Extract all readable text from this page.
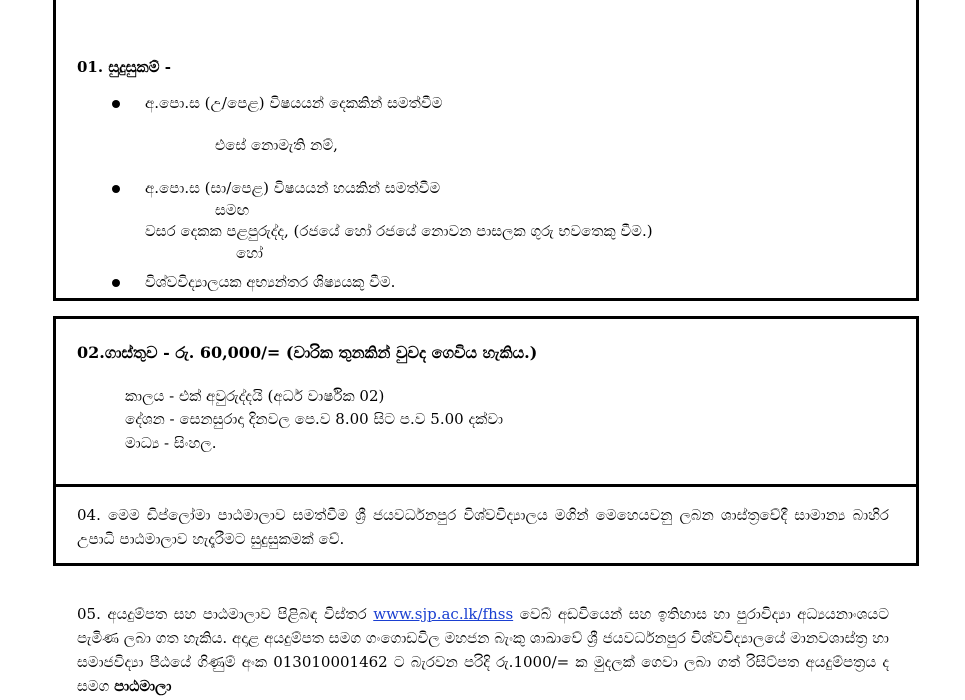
01. සුදුසුකම් -
අ.පො.ස (උ/පෙළ) විෂයයන් දෙකකින් සමත්වීම
එසේ නොමැති නම්,
අ.පො.ස (සා/පෙළ) විෂයයන් හයකින් සමත්වීම
සමඟ
වසර දෙකක පළපුරුද්ද, (රජයේ හෝ රජයේ නොවන පාසලක ගුරු භවතෙකු වීම.)
හෝ
විශ්වවිද්‍යාලයක අභ්‍යන්තර ශිෂ්‍යයකු වීම.
02.ගාස්තුව - රු. 60,000/= (වාරික තුනකින් වුවද ගෙවිය හැකිය.)
කාලය - එක් අවුරුද්දයි (අර්ධ වාර්ෂික 02)
දේශන - සෙනසුරාදා දිනවල පෙ.ව 8.00 සිට ප.ව 5.00 දක්වා
මාධ්‍ය - සිංහල.
04. මෙම ඩිප්ලෝමා පාඨමාලාව සමත්වීම ශ්‍රී ජයවර්ධනපුර විශ්වවිද්‍යාලය මගින් මෙහෙයවනු ලබන ශාස්ත්‍රවේදී සාමාන්‍ය බාහිර උපාධි පාඨමාලාව හැදෑරීමට සුදුසුකමක් වේ.
05. අයදුම්පත සහ පාඨමාලාව පිළිබඳ විස්තර www.sjp.ac.lk/fhss වෙබ් අඩවියෙන් සහ ඉතිහාස හා පුරාවිද්‍යා අධ්‍යයනාංශයට පැමිණ ලබා ගත හැකිය. අදාළ අයදුම්පත සමග ගංගොඩවිල මහජන බැංකු ශාඛාවේ ශ්‍රී ජයවර්ධනපුර විශ්වවිද්‍යාලයේ මානවශාස්ත්‍ර හා සමාජවිද්‍යා පීඨයේ ගිණුම් අංක 013010001462 ට බැරවන පරිදි රු.1000/= ක මුදලක් ගෙවා ලබා ගත් රිසිට්පත අයදුම්පත්‍රය ද සමග පාඨමාලා
